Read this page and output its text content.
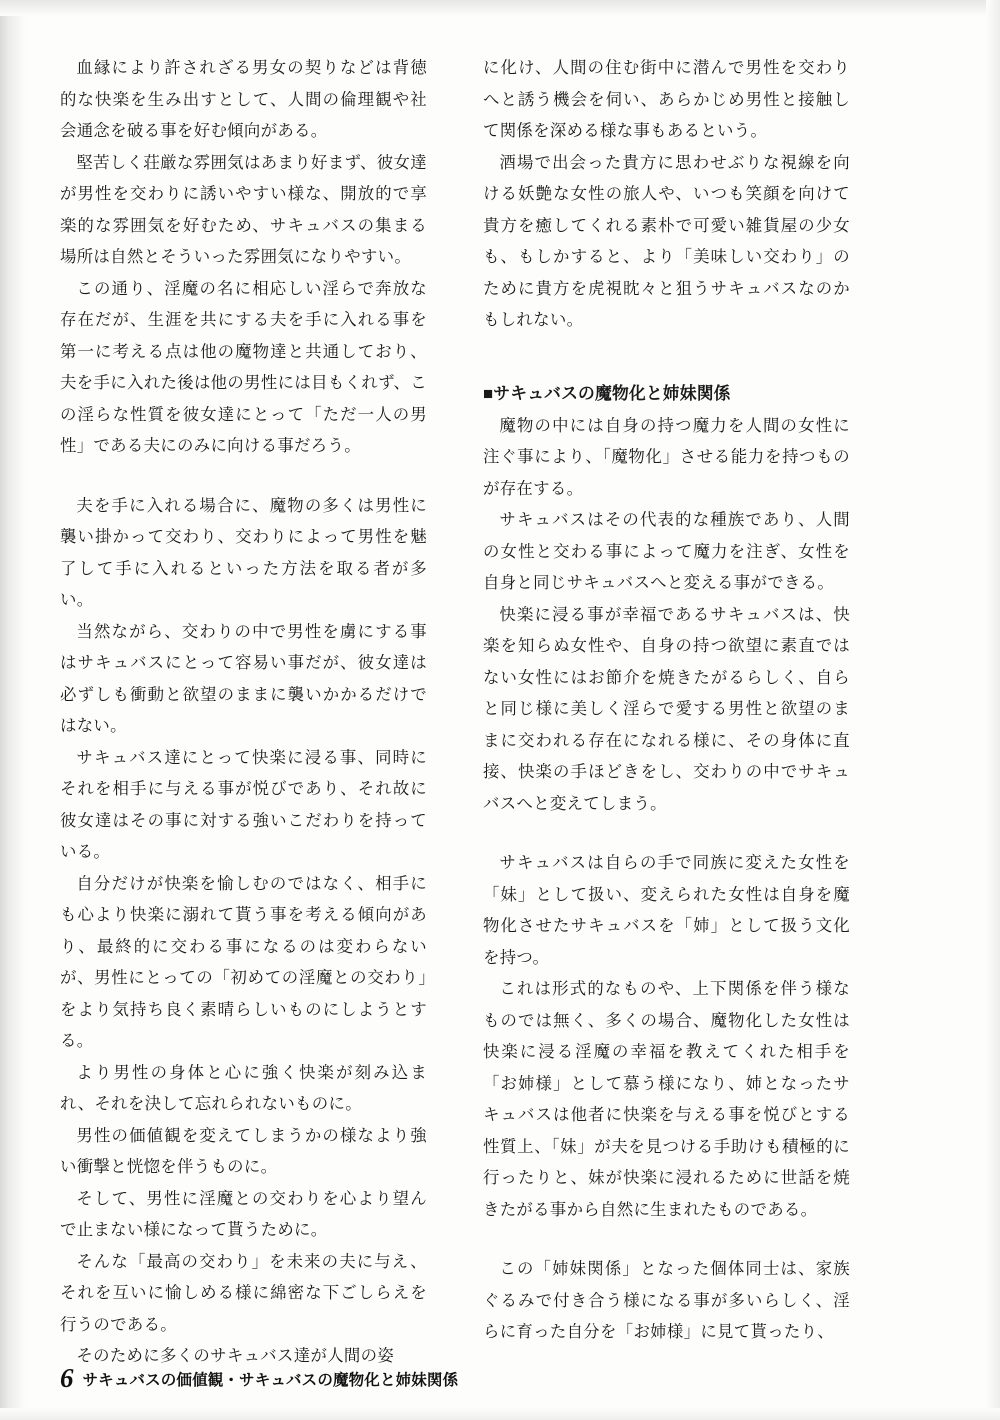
血縁により許されざる男女の契りなどは背徳的な快楽を生み出すとして、人間の倫理観や社会通念を破る事を好む傾向がある。

堅苦しく荘厳な雰囲気はあまり好まず、彼女達が男性を交わりに誘いやすい様な、開放的で享楽的な雰囲気を好むため、サキュバスの集まる場所は自然とそういった雰囲気になりやすい。

この通り、淫魔の名に相応しい淫らで奔放な存在だが、生涯を共にする夫を手に入れる事を第一に考える点は他の魔物達と共通しており、夫を手に入れた後は他の男性には目もくれず、この淫らな性質を彼女達にとって「ただ一人の男性」である夫にのみに向ける事だろう。

夫を手に入れる場合に、魔物の多くは男性に襲い掛かって交わり、交わりによって男性を魅了して手に入れるといった方法を取る者が多い。

当然ながら、交わりの中で男性を虜にする事はサキュバスにとって容易い事だが、彼女達は必ずしも衝動と欲望のままに襲いかかるだけではない。

サキュバス達にとって快楽に浸る事、同時にそれを相手に与える事が悦びであり、それ故に彼女達はその事に対する強いこだわりを持っている。

自分だけが快楽を愉しむのではなく、相手にも心より快楽に溺れて貰う事を考える傾向があり、最終的に交わる事になるのは変わらないが、男性にとっての「初めての淫魔との交わり」をより気持ち良く素晴らしいものにしようとする。

より男性の身体と心に強く快楽が刻み込まれ、それを決して忘れられないものに。

男性の価値観を変えてしまうかの様なより強い衝撃と恍惚を伴うものに。

そして、男性に淫魔との交わりを心より望んで止まない様になって貰うために。

そんな「最高の交わり」を未来の夫に与え、それを互いに愉しめる様に綿密な下ごしらえを行うのである。

そのために多くのサキュバス達が人間の姿

に化け、人間の住む街中に潜んで男性を交わりへと誘う機会を伺い、あらかじめ男性と接触して関係を深める様な事もあるという。

酒場で出会った貴方に思わせぶりな視線を向ける妖艶な女性の旅人や、いつも笑顔を向けて貴方を癒してくれる素朴で可愛い雑貨屋の少女も、もしかすると、より「美味しい交わり」のために貴方を虎視眈々と狙うサキュバスなのかもしれない。

■サキュバスの魔物化と姉妹関係

魔物の中には自身の持つ魔力を人間の女性に注ぐ事により、「魔物化」させる能力を持つものが存在する。

サキュバスはその代表的な種族であり、人間の女性と交わる事によって魔力を注ぎ、女性を自身と同じサキュバスへと変える事ができる。

快楽に浸る事が幸福であるサキュバスは、快楽を知らぬ女性や、自身の持つ欲望に素直ではない女性にはお節介を焼きたがるらしく、自らと同じ様に美しく淫らで愛する男性と欲望のままに交われる存在になれる様に、その身体に直接、快楽の手ほどきをし、交わりの中でサキュバスへと変えてしまう。

サキュバスは自らの手で同族に変えた女性を「妹」として扱い、変えられた女性は自身を魔物化させたサキュバスを「姉」として扱う文化を持つ。

これは形式的なものや、上下関係を伴う様なものでは無く、多くの場合、魔物化した女性は快楽に浸る淫魔の幸福を教えてくれた相手を「お姉様」として慕う様になり、姉となったサキュバスは他者に快楽を与える事を悦びとする性質上、「妹」が夫を見つける手助けも積極的に行ったりと、妹が快楽に浸れるために世話を焼きたがる事から自然に生まれたものである。

この「姉妹関係」となった個体同士は、家族ぐるみで付き合う様になる事が多いらしく、淫らに育った自分を「お姉様」に見て貰ったり、

6 サキュバスの価値観・サキュバスの魔物化と姉妹関係
